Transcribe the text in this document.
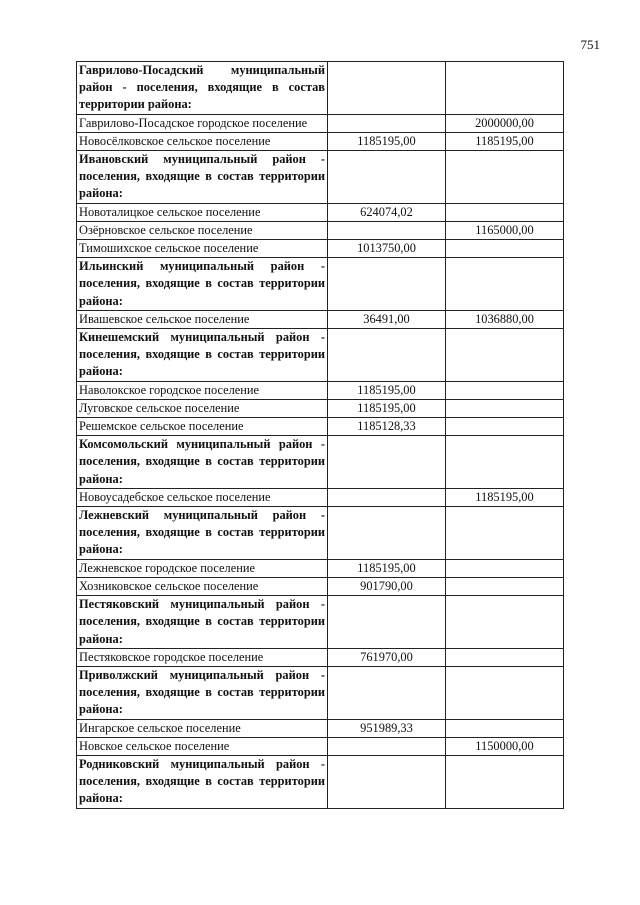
751
Гаврилово-Посадский муниципальный район - поселения, входящие в состав территории района:		
Гаврилово-Посадское городское поселение		2000000,00
Новосёлковское сельское поселение	1185195,00	1185195,00
Ивановский муниципальный район - поселения, входящие в состав территории района:		
Новоталицкое сельское поселение	624074,02	
Озёрновское сельское поселение		1165000,00
Тимошихское сельское поселение	1013750,00	
Ильинский муниципальный район - поселения, входящие в состав территории района:		
Ивашевское сельское поселение	36491,00	1036880,00
Кинешемский муниципальный район - поселения, входящие в состав территории района:		
Наволокское городское поселение	1185195,00	
Луговское сельское поселение	1185195,00	
Решемское сельское поселение	1185128,33	
Комсомольский муниципальный район - поселения, входящие в состав территории района:		
Новоусадебское сельское поселение		1185195,00
Лежневский муниципальный район - поселения, входящие в состав территории района:		
Лежневское городское поселение	1185195,00	
Хозниковское сельское поселение	901790,00	
Пестяковский муниципальный район - поселения, входящие в состав территории района:		
Пестяковское городское поселение	761970,00	
Приволжский муниципальный район - поселения, входящие в состав территории района:		
Ингарское сельское поселение	951989,33	
Новское сельское поселение		1150000,00
Родниковский муниципальный район - поселения, входящие в состав территории района:		
